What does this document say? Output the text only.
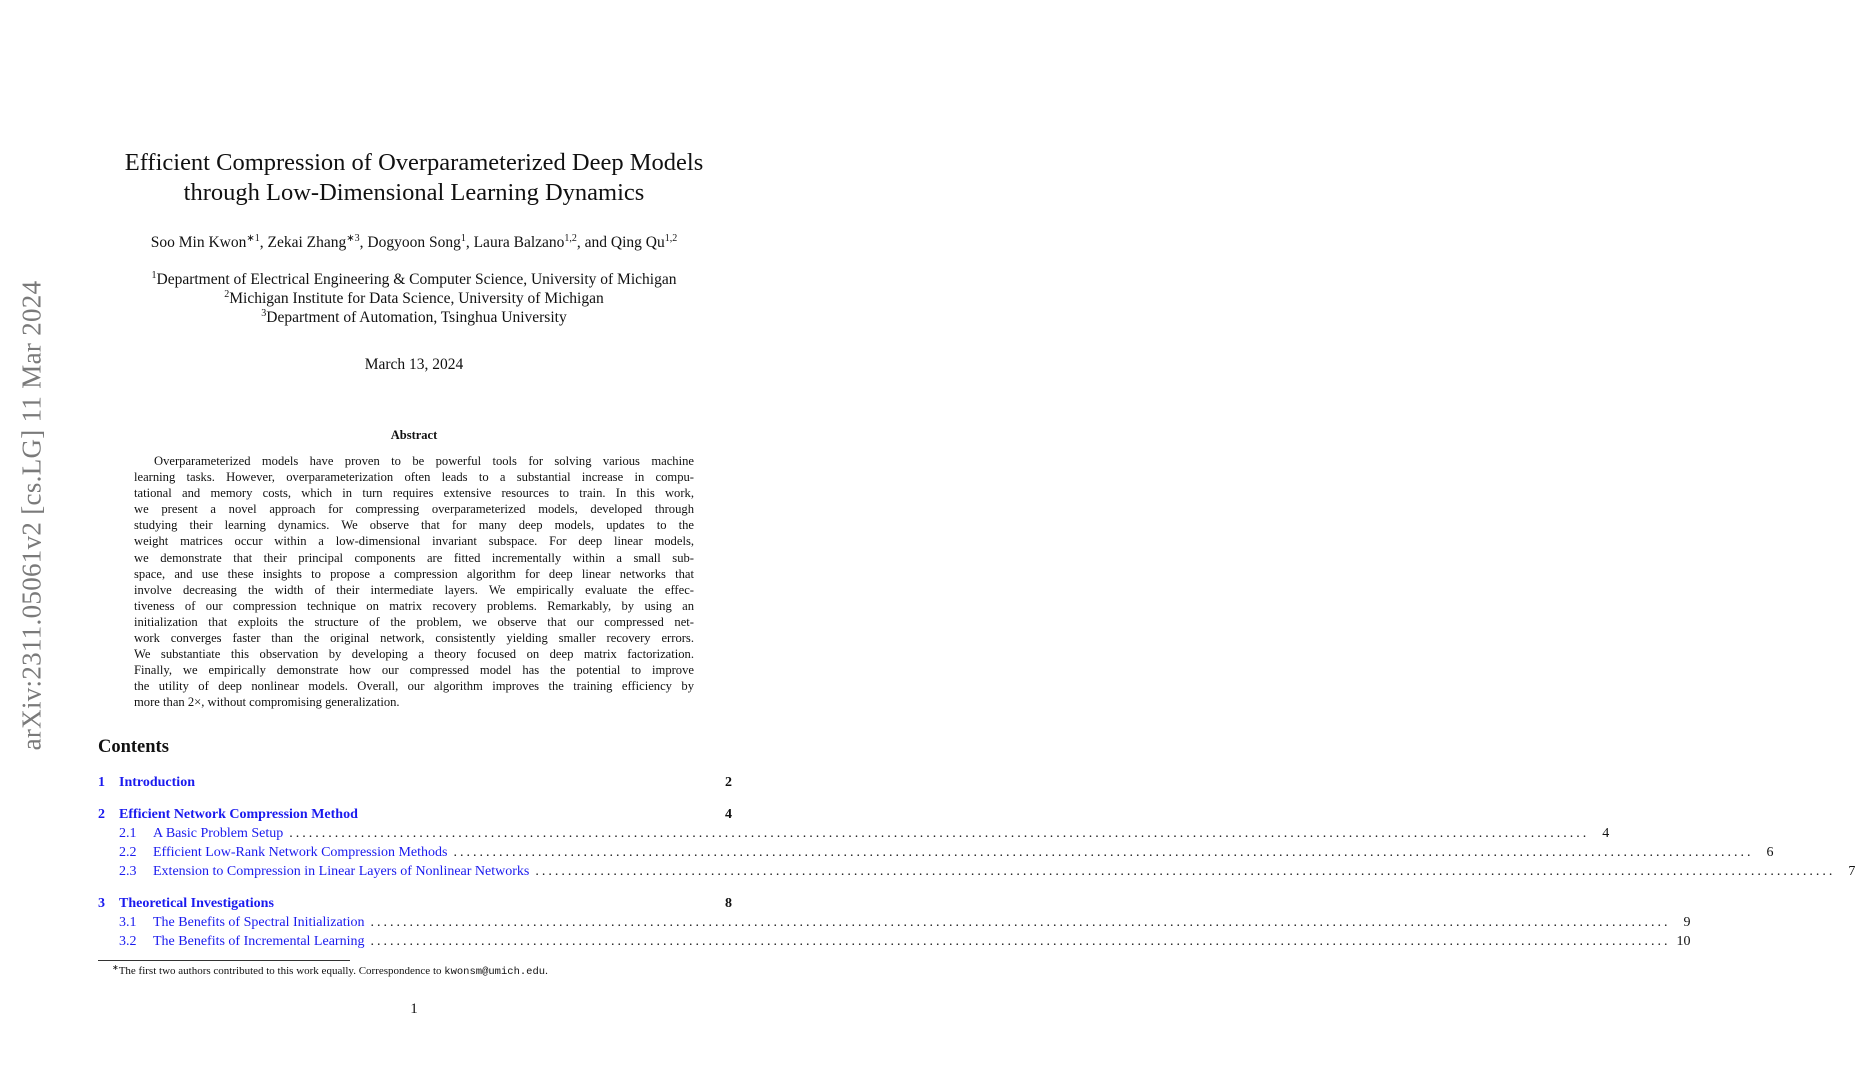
arXiv:2311.05061v2 [cs.LG] 11 Mar 2024
Efficient Compression of Overparameterized Deep Models
through Low-Dimensional Learning Dynamics
Soo Min Kwon$^{∗1}$, Zekai Zhang$^{∗3}$, Dogyoon Song$^1$, Laura Balzano$^{1,2}$, and Qing Qu$^{1,2}$
$^1$Department of Electrical Engineering & Computer Science, University of Michigan
$^2$Michigan Institute for Data Science, University of Michigan
$^3$Department of Automation, Tsinghua University
March 13, 2024
Abstract
Overparameterized models have proven to be powerful tools for solving various machine
learning tasks. However, overparameterization often leads to a substantial increase in compu-
tational and memory costs, which in turn requires extensive resources to train. In this work,
we present a novel approach for compressing overparameterized models, developed through
studying their learning dynamics. We observe that for many deep models, updates to the
weight matrices occur within a low-dimensional invariant subspace. For deep linear models,
we demonstrate that their principal components are fitted incrementally within a small sub-
space, and use these insights to propose a compression algorithm for deep linear networks that
involve decreasing the width of their intermediate layers. We empirically evaluate the effec-
tiveness of our compression technique on matrix recovery problems. Remarkably, by using an
initialization that exploits the structure of the problem, we observe that our compressed net-
work converges faster than the original network, consistently yielding smaller recovery errors.
We substantiate this observation by developing a theory focused on deep matrix factorization.
Finally, we empirically demonstrate how our compressed model has the potential to improve
the utility of deep nonlinear models. Overall, our algorithm improves the training efficiency by
more than 2×, without compromising generalization.
Contents
1	Introduction	2
2	Efficient Network Compression Method	4
2.1	A Basic Problem Setup ........................................................................................................................................................................................................ 4
2.2	Efficient Low-Rank Network Compression Methods ........................................................................................................................................................................................................ 6
2.3	Extension to Compression in Linear Layers of Nonlinear Networks ........................................................................................................................................................................................................ 7
3	Theoretical Investigations	8
3.1	The Benefits of Spectral Initialization ........................................................................................................................................................................................................ 9
3.2	The Benefits of Incremental Learning ........................................................................................................................................................................................................ 10
∗The first two authors contributed to this work equally. Correspondence to kwonsm@umich.edu.
1
